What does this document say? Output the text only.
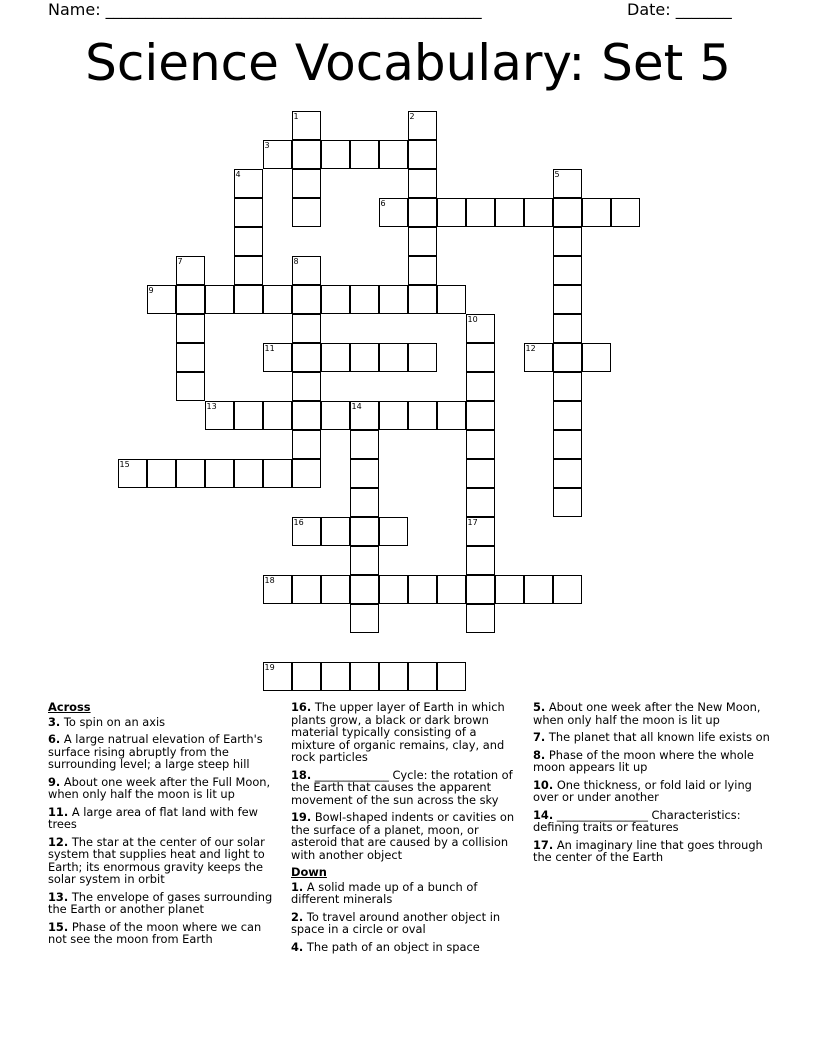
Name: _______________________________________________	Date: _______
Science Vocabulary: Set 5
3
6
9
11	12
13	14
15
16
18
19
1	2
4	5
7	8
10
17
Across
3. To spin on an axis
6. A large natrual elevation of Earth's surface rising abruptly from the surrounding level; a large steep hill
9. About one week after the Full Moon, when only half the moon is lit up
11. A large area of flat land with few trees
12. The star at the center of our solar system that supplies heat and light to Earth; its enormous gravity keeps the solar system in orbit
13. The envelope of gases surrounding the Earth or another planet
15. Phase of the moon where we can not see the moon from Earth
16. The upper layer of Earth in which plants grow, a black or dark brown material typically consisting of a mixture of organic remains, clay, and rock particles
18. _____________ Cycle: the rotation of the Earth that causes the apparent movement of the sun across the sky
19. Bowl-shaped indents or cavities on the surface of a planet, moon, or asteroid that are caused by a collision with another object
Down
1. A solid made up of a bunch of different minerals
2. To travel around another object in space in a circle or oval
4. The path of an object in space
5. About one week after the New Moon, when only half the moon is lit up
7. The planet that all known life exists on
8. Phase of the moon where the whole moon appears lit up
10. One thickness, or fold laid or lying over or under another
14. ________________ Characteristics: defining traits or features
17. An imaginary line that goes through the center of the Earth
